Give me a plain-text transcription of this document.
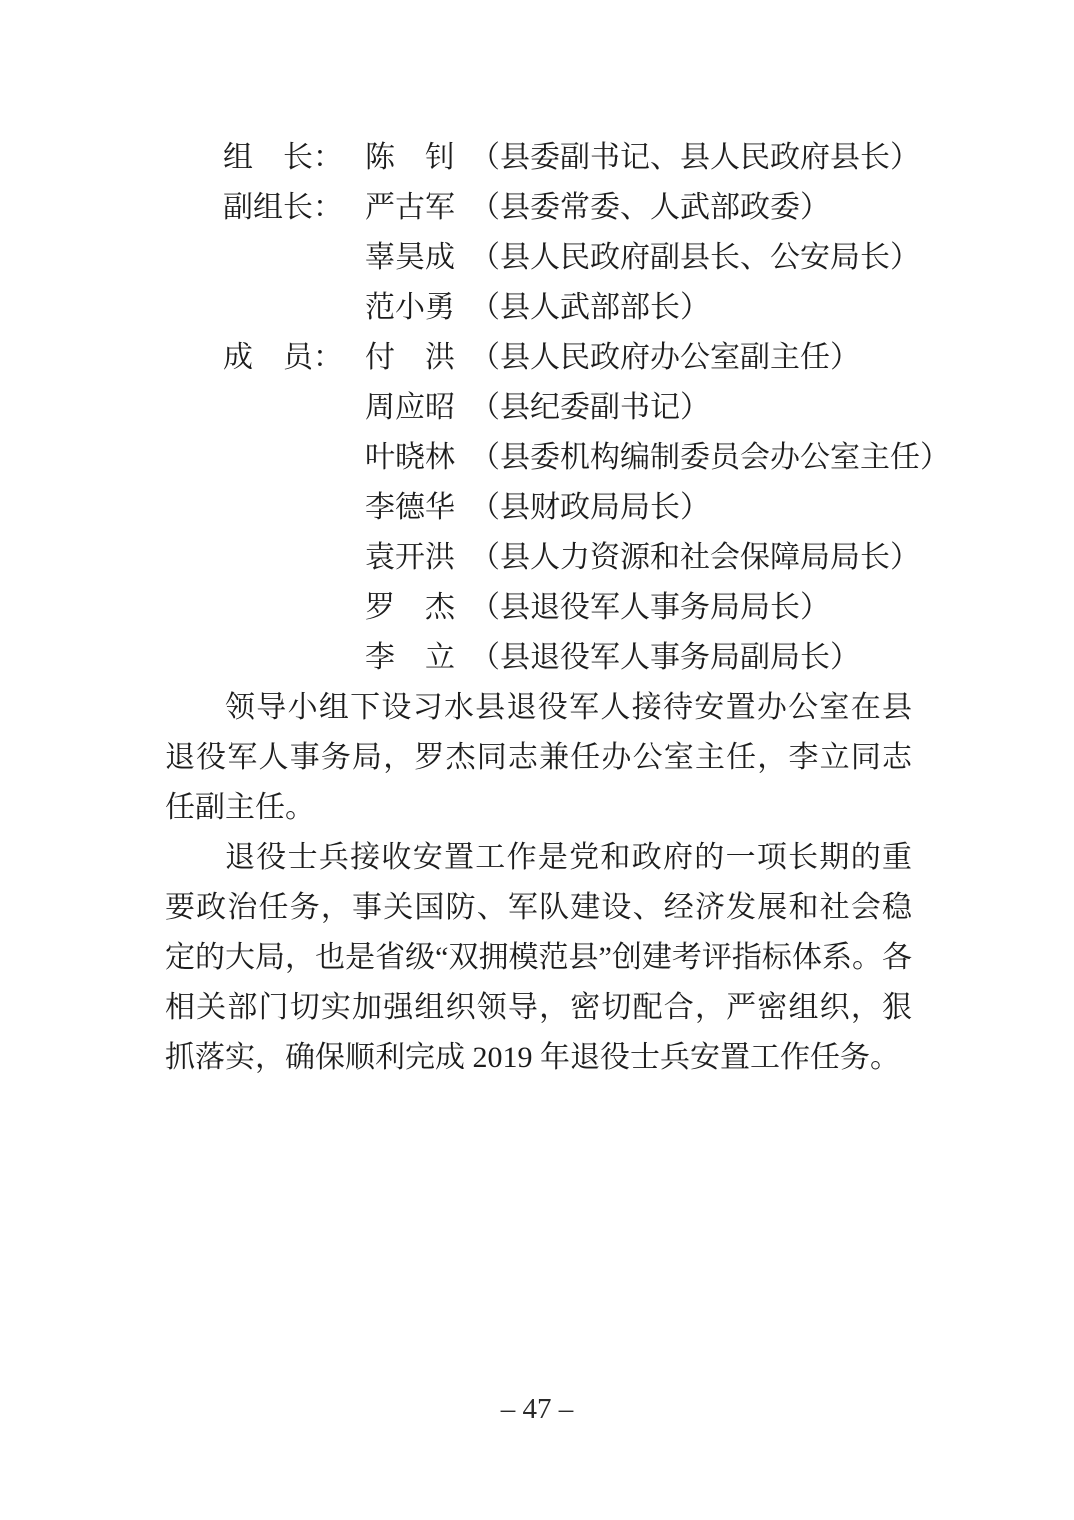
组　长： 陈　钊 （县委副书记、县人民政府县长）
副组长： 严古军 （县委常委、人武部政委）
辜昊成 （县人民政府副县长、公安局长）
范小勇 （县人武部部长）
成　员： 付　洪 （县人民政府办公室副主任）
周应昭 （县纪委副书记）
叶晓林 （县委机构编制委员会办公室主任）
李德华 （县财政局局长）
袁开洪 （县人力资源和社会保障局局长）
罗　杰 （县退役军人事务局局长）
李　立 （县退役军人事务局副局长）

领导小组下设习水县退役军人接待安置办公室在县退役军人事务局，罗杰同志兼任办公室主任，李立同志任副主任。

退役士兵接收安置工作是党和政府的一项长期的重要政治任务，事关国防、军队建设、经济发展和社会稳定的大局，也是省级“双拥模范县”创建考评指标体系。各相关部门切实加强组织领导，密切配合，严密组织，狠抓落实，确保顺利完成 2019 年退役士兵安置工作任务。

– 47 –
